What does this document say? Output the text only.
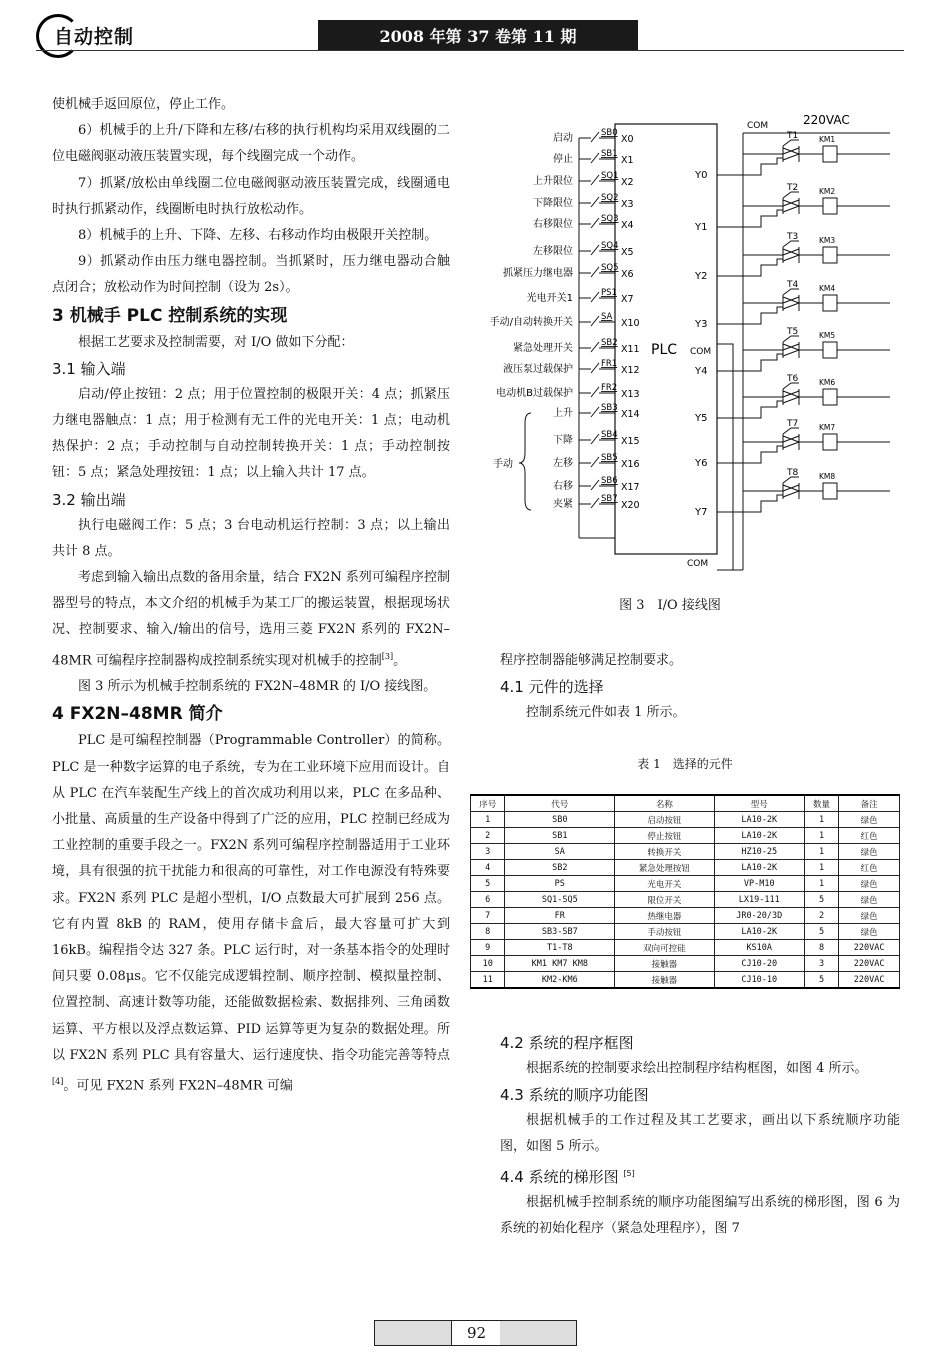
自动控制	2008 年第 37 卷第 11 期

使机械手返回原位，停止工作。

6）机械手的上升/下降和左移/右移的执行机构均采用双线圈的二位电磁阀驱动液压装置实现，每个线圈完成一个动作。

7）抓紧/放松由单线圈二位电磁阀驱动液压装置完成，线圈通电时执行抓紧动作，线圈断电时执行放松动作。

8）机械手的上升、下降、左移、右移动作均由极限开关控制。

9）抓紧动作由压力继电器控制。当抓紧时，压力继电器动合触点闭合；放松动作为时间控制（设为 2s）。

3 机械手 PLC 控制系统的实现

根据工艺要求及控制需要，对 I/O 做如下分配：

3.1 输入端

启动/停止按钮：2 点；用于位置控制的极限开关：4 点；抓紧压力继电器触点：1 点；用于检测有无工件的光电开关：1 点；电动机热保护：2 点；手动控制与自动控制转换开关：1 点；手动控制按钮：5 点；紧急处理按钮：1 点；以上输入共计 17 点。

3.2 输出端

执行电磁阀工作：5 点；3 台电动机运行控制：3 点；以上输出共计 8 点。

考虑到输入输出点数的备用余量，结合 FX2N 系列可编程序控制器型号的特点，本文介绍的机械手为某工厂的搬运装置，根据现场状况、控制要求、输入/输出的信号，选用三菱 FX2N 系列的 FX2N–48MR 可编程序控制器构成控制系统实现对机械手的控制[3]。

图 3 所示为机械手控制系统的 FX2N–48MR 的 I/O 接线图。

4 FX2N–48MR 简介

PLC 是可编程控制器（Programmable Controller）的简称。PLC 是一种数字运算的电子系统，专为在工业环境下应用而设计。自从 PLC 在汽车装配生产线上的首次成功利用以来，PLC 在多品种、小批量、高质量的生产设备中得到了广泛的应用，PLC 控制已经成为工业控制的重要手段之一。FX2N 系列可编程序控制器适用于工业环境，具有很强的抗干扰能力和很高的可靠性，对工作电源没有特殊要求。FX2N 系列 PLC 是超小型机，I/O 点数最大可扩展到 256 点。它有内置 8kB 的 RAM，使用存储卡盒后，最大容量可扩大到 16kB。编程指令达 327 条。PLC 运行时，对一条基本指令的处理时间只要 0.08μs。它不仅能完成逻辑控制、顺序控制、模拟量控制、位置控制、高速计数等功能，还能做数据检索、数据排列、三角函数运算、平方根以及浮点数运算、PID 运算等更为复杂的数据处理。所以 FX2N 系列 PLC 具有容量大、运行速度快、指令功能完善等特点[4]。可见 FX2N 系列 FX2N–48MR 可编

PLC
启动	SB0
X0
停止	SB1
X1
上升限位	SQ1
X2
下降限位	SQ2
X3
右移限位	SQ3
X4
左移限位	SQ4
X5
抓紧压力继电器	SQ5
X6
光电开关1	PS1
X7
手动/自动转换开关	SA
X10
紧急处理开关	SB2
X11
液压泵过载保护	FR1
X12
电动机B过载保护	FR2
X13
上升	SB3
X14
下降	SB4
X15
左移	SB5
X16
右移	SB6
X17
夹紧	SB7
X20
手动
COM	220VAC
COM
COM
Y0
T1	KM1
Y1
T2	KM2
Y2
T3	KM3
Y3
T4	KM4
Y4
T5	KM5
Y5
T6	KM6
Y6
T7	KM7
Y7
T8	KM8
图 3　I/O 接线图

程序控制器能够满足控制要求。

4.1 元件的选择

控制系统元件如表 1 所示。

表 1　选择的元件
序号	代号	名称	型号	数量	备注
1	SB0	启动按钮	LA10-2K	1	绿色
2	SB1	停止按钮	LA10-2K	1	红色
3	SA	转换开关	HZ10-25	1	绿色
4	SB2	紧急处理按钮	LA10-2K	1	红色
5	PS	光电开关	VP-M10	1	绿色
6	SQ1-SQ5	限位开关	LX19-111	5	绿色
7	FR	热继电器	JR0-20/3D	2	绿色
8	SB3-SB7	手动按钮	LA10-2K	5	绿色
9	T1-T8	双向可控硅	KS10A	8	220VAC
10	KM1 KM7 KM8	接触器	CJ10-20	3	220VAC
11	KM2-KM6	接触器	CJ10-10	5	220VAC

4.2 系统的程序框图

根据系统的控制要求绘出控制程序结构框图，如图 4 所示。

4.3 系统的顺序功能图

根据机械手的工作过程及其工艺要求，画出以下系统顺序功能图，如图 5 所示。

4.4 系统的梯形图 [5]

根据机械手控制系统的顺序功能图编写出系统的梯形图，图 6 为系统的初始化程序（紧急处理程序），图 7

92
